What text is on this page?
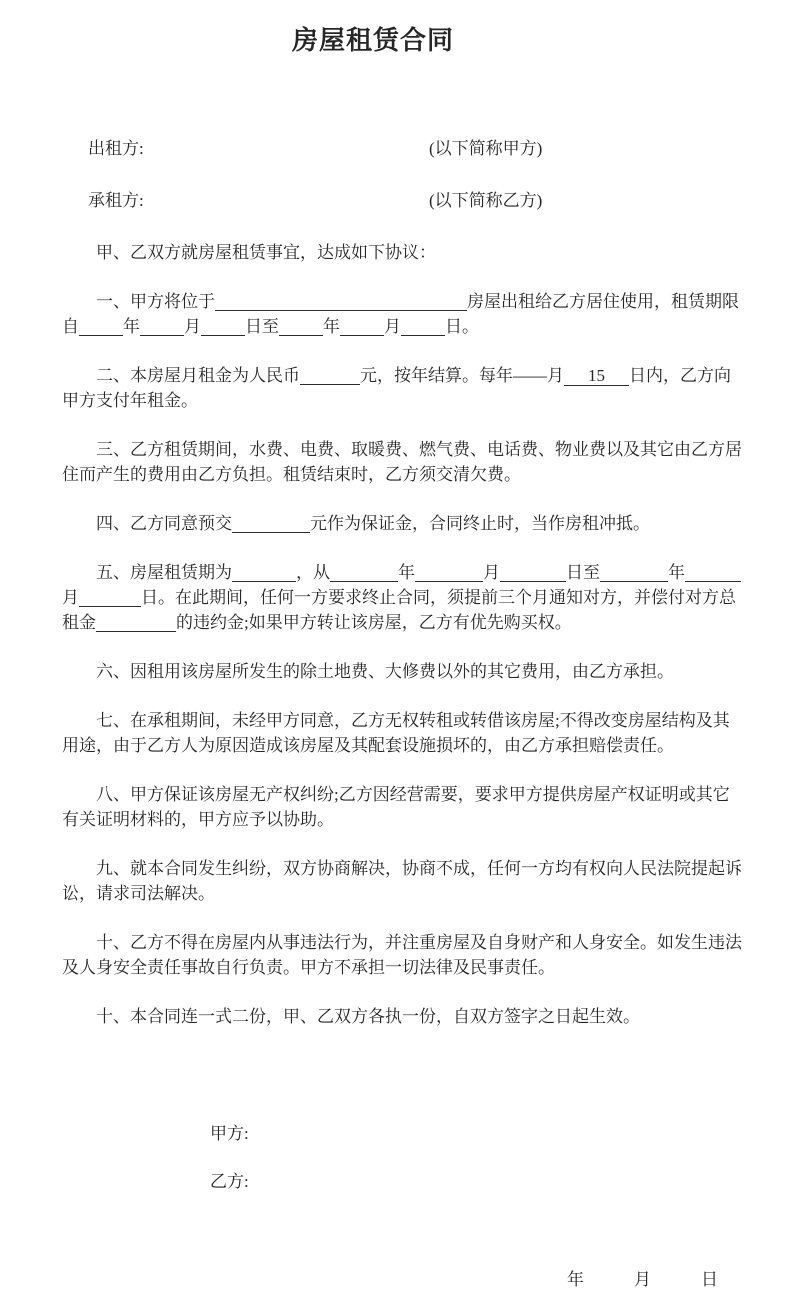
房屋租赁合同
出租方:	(以下简称甲方)
承租方:	(以下简称乙方)

甲、乙双方就房屋租赁事宜，达成如下协议：

一、甲方将位于	房屋出租给乙方居住使用，租赁期限自	年	月	日至	年	月	日。

二、本房屋月租金为人民币	元，按年结算。每年——月 15 日内，乙方向甲方支付年租金。

三、乙方租赁期间，水费、电费、取暖费、燃气费、电话费、物业费以及其它由乙方居住而产生的费用由乙方负担。租赁结束时，乙方须交清欠费。

四、乙方同意预交	元作为保证金，合同终止时，当作房租冲抵。

五、房屋租赁期为	，从	年	月	日至	年月	日。在此期间，任何一方要求终止合同，须提前三个月通知对方，并偿付对方总租金	的违约金;如果甲方转让该房屋，乙方有优先购买权。

六、因租用该房屋所发生的除土地费、大修费以外的其它费用，由乙方承担。

七、在承租期间，未经甲方同意，乙方无权转租或转借该房屋;不得改变房屋结构及其用途，由于乙方人为原因造成该房屋及其配套设施损坏的，由乙方承担赔偿责任。

八、甲方保证该房屋无产权纠纷;乙方因经营需要，要求甲方提供房屋产权证明或其它有关证明材料的，甲方应予以协助。

九、就本合同发生纠纷，双方协商解决，协商不成，任何一方均有权向人民法院提起诉讼，请求司法解决。

十、乙方不得在房屋内从事违法行为，并注重房屋及自身财产和人身安全。如发生违法及人身安全责任事故自行负责。甲方不承担一切法律及民事责任。

十、本合同连一式二份，甲、乙双方各执一份，自双方签字之日起生效。

甲方:
乙方:
年	月	日
